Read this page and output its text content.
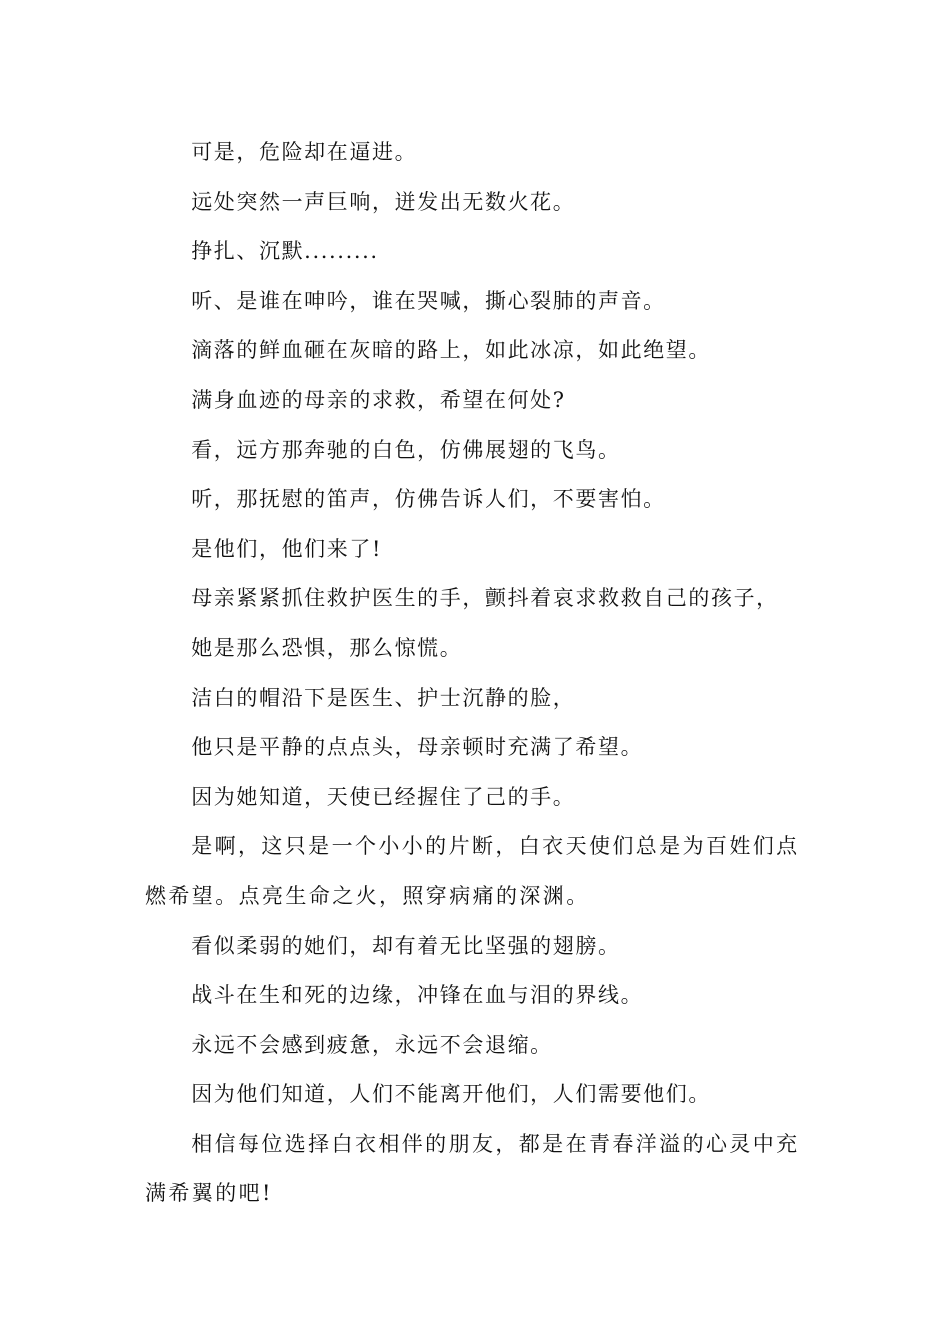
可是，危险却在逼进。

远处突然一声巨响，迸发出无数火花。

挣扎、沉默.........

听、是谁在呻吟，谁在哭喊，撕心裂肺的声音。

滴落的鲜血砸在灰暗的路上，如此冰凉，如此绝望。

满身血迹的母亲的求救，希望在何处?

看，远方那奔驰的白色，仿佛展翅的飞鸟。

听，那抚慰的笛声，仿佛告诉人们，不要害怕。

是他们，他们来了!

母亲紧紧抓住救护医生的手，颤抖着哀求救救自己的孩子，

她是那么恐惧，那么惊慌。

洁白的帽沿下是医生、护士沉静的脸，

他只是平静的点点头，母亲顿时充满了希望。

因为她知道，天使已经握住了己的手。

是啊，这只是一个小小的片断，白衣天使们总是为百姓们点燃希望。点亮生命之火，照穿病痛的深渊。

看似柔弱的她们，却有着无比坚强的翅膀。

战斗在生和死的边缘，冲锋在血与泪的界线。

永远不会感到疲惫，永远不会退缩。

因为他们知道，人们不能离开他们，人们需要他们。

相信每位选择白衣相伴的朋友，都是在青春洋溢的心灵中充满希翼的吧!
